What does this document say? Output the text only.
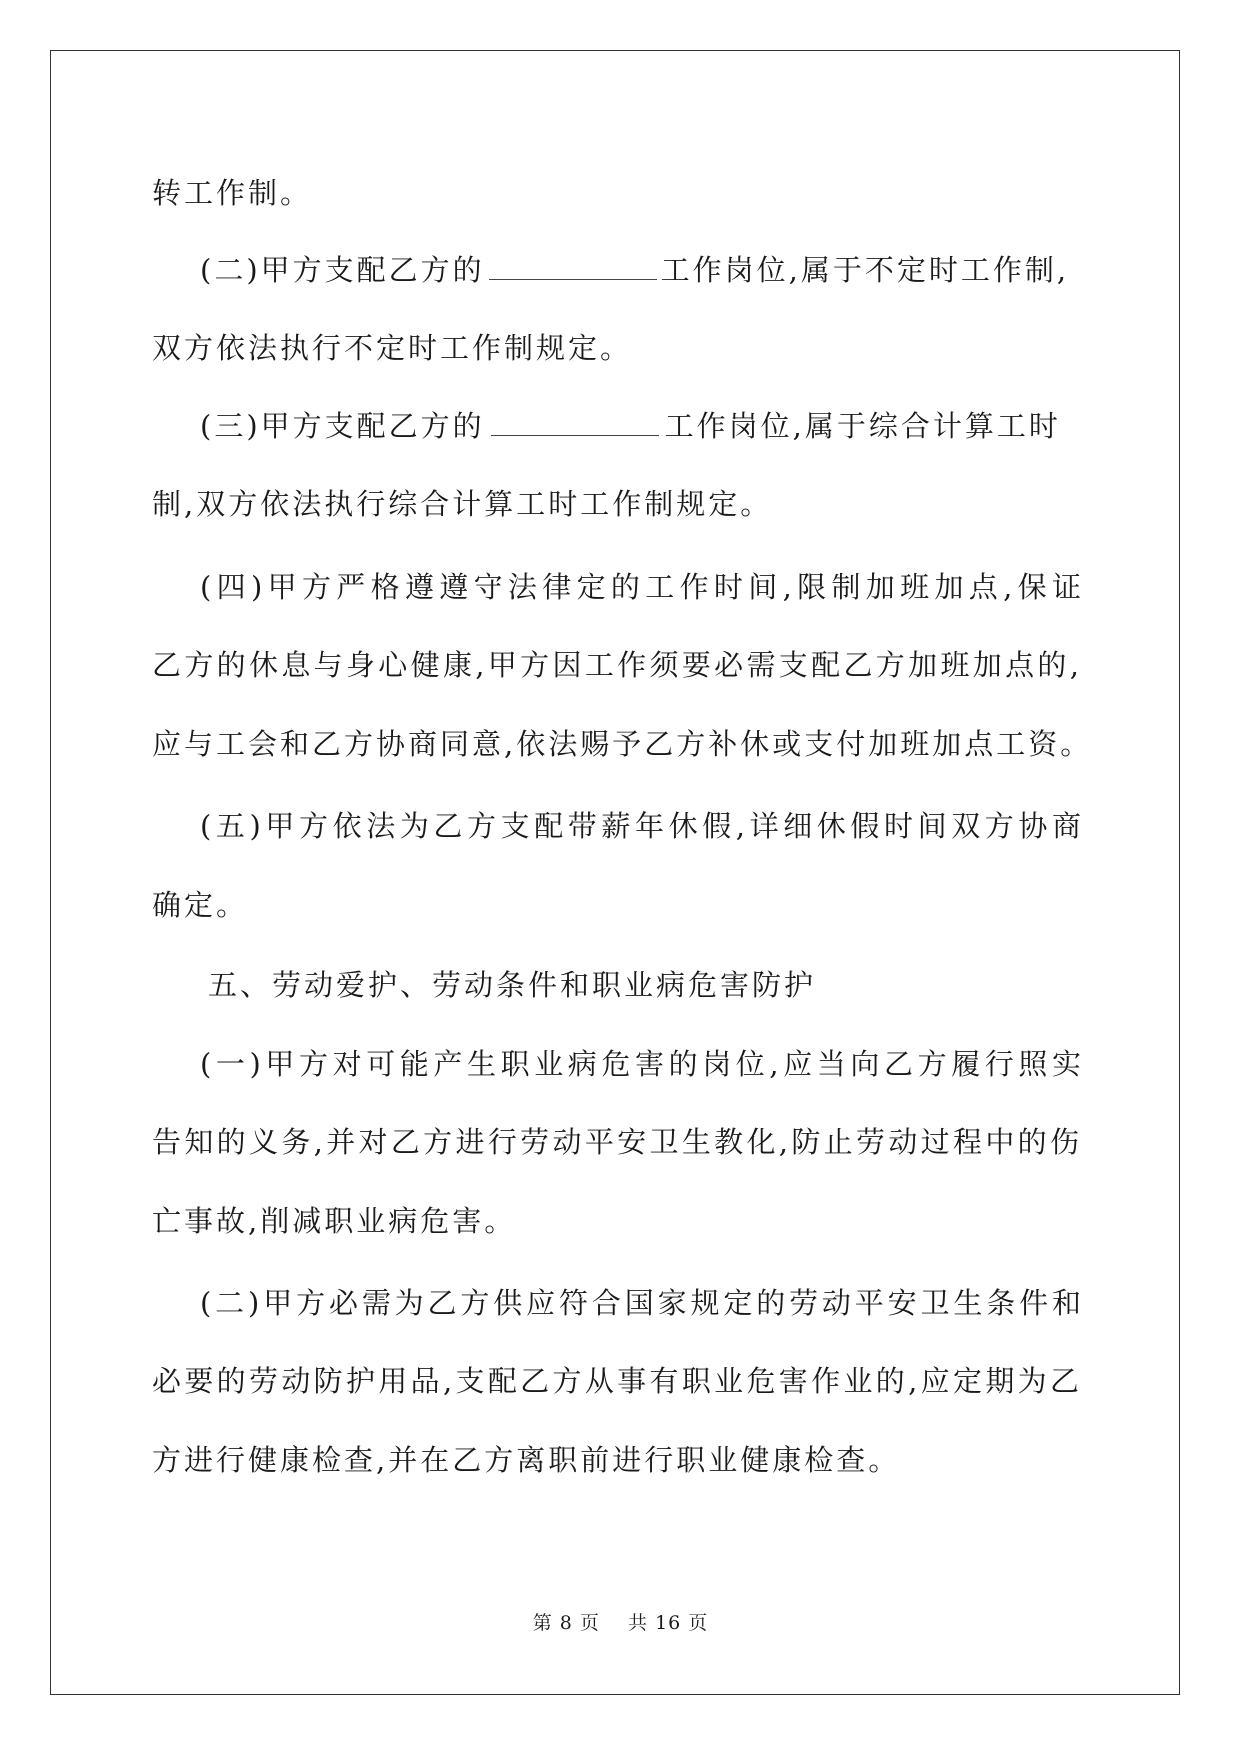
转工作制。
(二)甲方支配乙方的	工作岗位,属于不定时工作制,
双方依法执行不定时工作制规定。
(三)甲方支配乙方的	工作岗位,属于综合计算工时
制,双方依法执行综合计算工时工作制规定。
(四)甲方严格遵遵守法律定的工作时间,限制加班加点,保证
乙方的休息与身心健康,甲方因工作须要必需支配乙方加班加点的,
应与工会和乙方协商同意,依法赐予乙方补休或支付加班加点工资。
(五)甲方依法为乙方支配带薪年休假,详细休假时间双方协商
确定。
五、劳动爱护、劳动条件和职业病危害防护
(一)甲方对可能产生职业病危害的岗位,应当向乙方履行照实
告知的义务,并对乙方进行劳动平安卫生教化,防止劳动过程中的伤
亡事故,削减职业病危害。
(二)甲方必需为乙方供应符合国家规定的劳动平安卫生条件和
必要的劳动防护用品,支配乙方从事有职业危害作业的,应定期为乙
方进行健康检查,并在乙方离职前进行职业健康检查。
第 8 页 共 16 页
